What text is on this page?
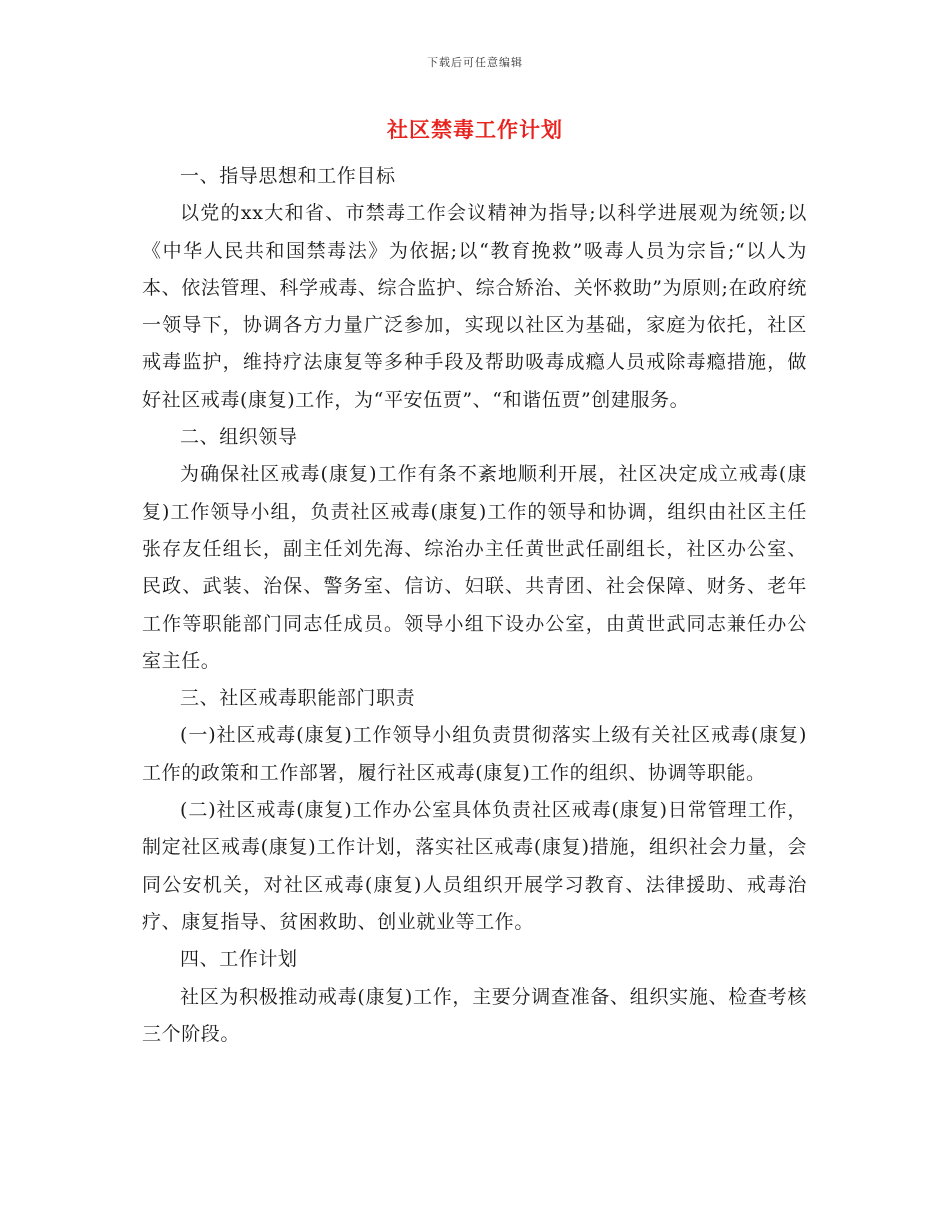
下载后可任意编辑
社区禁毒工作计划

一、指导思想和工作目标

以党的xx大和省、市禁毒工作会议精神为指导;以科学进展观为统领;以《中华人民共和国禁毒法》为依据;以“教育挽救”吸毒人员为宗旨;“以人为本、依法管理、科学戒毒、综合监护、综合矫治、关怀救助”为原则;在政府统一领导下，协调各方力量广泛参加，实现以社区为基础，家庭为依托，社区戒毒监护，维持疗法康复等多种手段及帮助吸毒成瘾人员戒除毒瘾措施，做好社区戒毒(康复)工作，为“平安伍贾”、“和谐伍贾”创建服务。

二、组织领导

为确保社区戒毒(康复)工作有条不紊地顺利开展，社区决定成立戒毒(康复)工作领导小组，负责社区戒毒(康复)工作的领导和协调，组织由社区主任张存友任组长，副主任刘先海、综治办主任黄世武任副组长，社区办公室、民政、武装、治保、警务室、信访、妇联、共青团、社会保障、财务、老年工作等职能部门同志任成员。领导小组下设办公室，由黄世武同志兼任办公室主任。

三、社区戒毒职能部门职责

(一)社区戒毒(康复)工作领导小组负责贯彻落实上级有关社区戒毒(康复)工作的政策和工作部署，履行社区戒毒(康复)工作的组织、协调等职能。

(二)社区戒毒(康复)工作办公室具体负责社区戒毒(康复)日常管理工作，制定社区戒毒(康复)工作计划，落实社区戒毒(康复)措施，组织社会力量，会同公安机关，对社区戒毒(康复)人员组织开展学习教育、法律援助、戒毒治疗、康复指导、贫困救助、创业就业等工作。

四、工作计划

社区为积极推动戒毒(康复)工作，主要分调查准备、组织实施、检查考核三个阶段。
